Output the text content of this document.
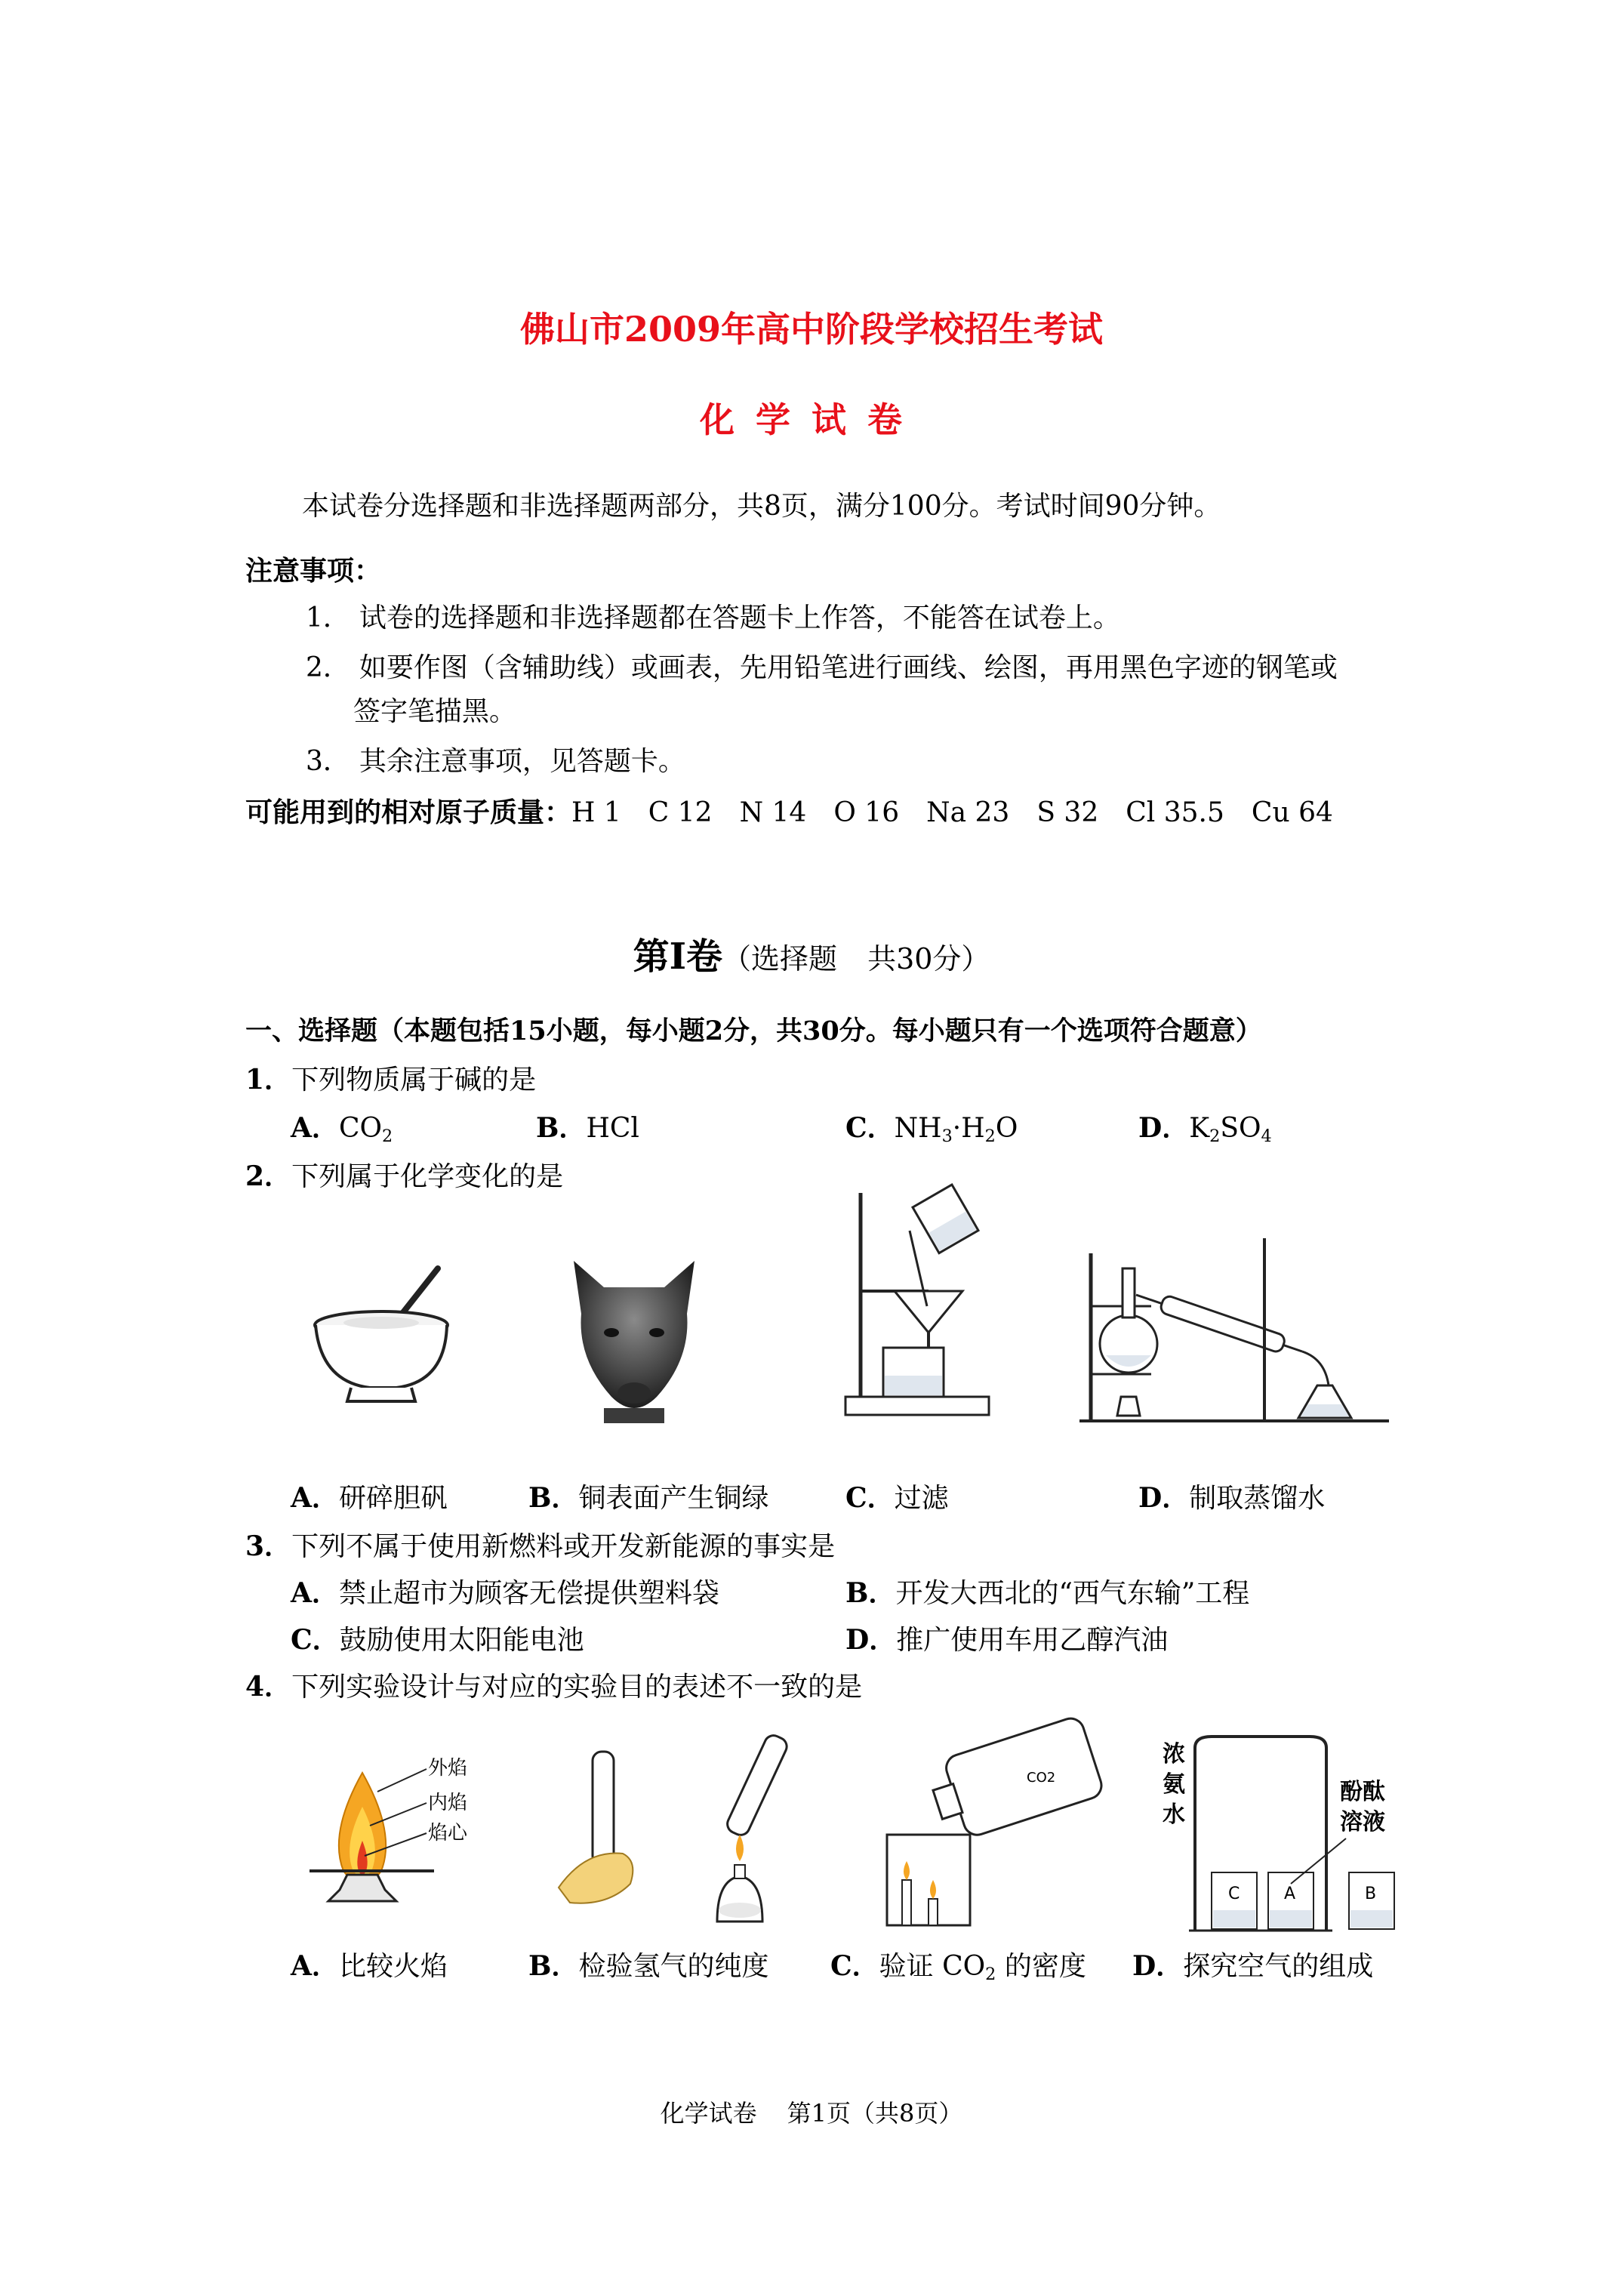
佛山市2009年高中阶段学校招生考试
化学试卷
本试卷分选择题和非选择题两部分，共8页，满分100分。考试时间90分钟。
注意事项：
1． 试卷的选择题和非选择题都在答题卡上作答，不能答在试卷上。
2． 如要作图（含辅助线）或画表，先用铅笔进行画线、绘图，再用黑色字迹的钢笔或
签字笔描黑。
3． 其余注意事项，见答题卡。
可能用到的相对原子质量：H 1 C 12 N 14 O 16 Na 23 S 32 Cl 35.5 Cu 64
第I卷（选择题 共30分）
一、选择题（本题包括15小题，每小题2分，共30分。每小题只有一个选项符合题意）
1．下列物质属于碱的是
A．$CO_2$	B．HCl	C．$NH_3\cdot H_2O$	D．$K_2SO_4$
2．下列属于化学变化的是
A．研碎胆矾	B．铜表面产生铜绿	C．过滤	D．制取蒸馏水
3．下列不属于使用新燃料或开发新能源的事实是
A．禁止超市为顾客无偿提供塑料袋	B．开发大西北的“西气东输”工程
C．鼓励使用太阳能电池	D．推广使用车用乙醇汽油
4．下列实验设计与对应的实验目的表述不一致的是
外焰
内焰
焰心
CO2
浓
氨
水
C	A
酚酞
溶液
B
A．比较火焰	B．检验氢气的纯度 C．验证 $CO_2$ 的密度 D．探究空气的组成
化学试卷 第1页（共8页）
